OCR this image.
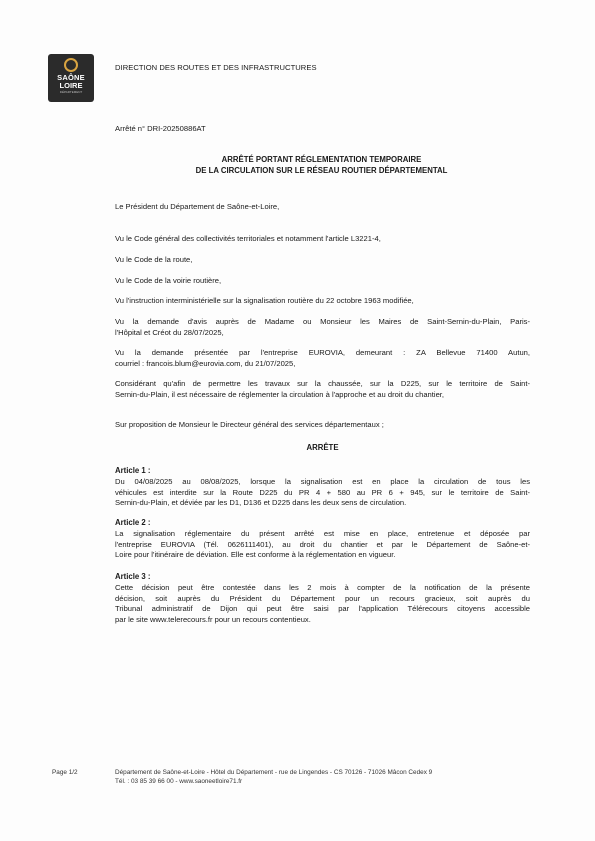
SAÔNE
LOIRE
DÉPARTEMENT
DIRECTION DES ROUTES ET DES INFRASTRUCTURES
Arrêté n° DRI-20250886AT
ARRÊTÉ PORTANT RÉGLEMENTATION TEMPORAIRE
DE LA CIRCULATION SUR LE RÉSEAU ROUTIER DÉPARTEMENTAL
Le Président du Département de Saône-et-Loire,
Vu le Code général des collectivités territoriales et notamment l'article L3221-4,
Vu le Code de la route,
Vu le Code de la voirie routière,
Vu l'instruction interministérielle sur la signalisation routière du 22 octobre 1963 modifiée,
Vu la demande d'avis auprès de Madame ou Monsieur les Maires de Saint-Sernin-du-Plain, Paris-
l'Hôpital et Créot du 28/07/2025,
Vu la demande présentée par l'entreprise EUROVIA, demeurant : ZA Bellevue 71400 Autun,
courriel : francois.blum@eurovia.com, du 21/07/2025,
Considérant qu'afin de permettre les travaux sur la chaussée, sur la D225, sur le territoire de Saint-
Sernin-du-Plain, il est nécessaire de réglementer la circulation à l'approche et au droit du chantier,
Sur proposition de Monsieur le Directeur général des services départementaux ;
ARRÊTE
Article 1 :
Du 04/08/2025 au 08/08/2025, lorsque la signalisation est en place la circulation de tous les
véhicules est interdite sur la Route D225 du PR 4 + 580 au PR 6 + 945, sur le territoire de Saint-
Sernin-du-Plain, et déviée par les D1, D136 et D225 dans les deux sens de circulation.
Article 2 :
La signalisation réglementaire du présent arrêté est mise en place, entretenue et déposée par
l'entreprise EUROVIA (Tél. 0626111401), au droit du chantier et par le Département de Saône-et-
Loire pour l'itinéraire de déviation. Elle est conforme à la réglementation en vigueur.
Article 3 :
Cette décision peut être contestée dans les 2 mois à compter de la notification de la présente
décision, soit auprès du Président du Département pour un recours gracieux, soit auprès du
Tribunal administratif de Dijon qui peut être saisi par l'application Télérecours citoyens accessible
par le site www.telerecours.fr pour un recours contentieux.
Page 1/2	Département de Saône-et-Loire - Hôtel du Département - rue de Lingendes - CS 70126 - 71026 Mâcon Cedex 9
Tél. : 03 85 39 66 00 - www.saoneetloire71.fr
